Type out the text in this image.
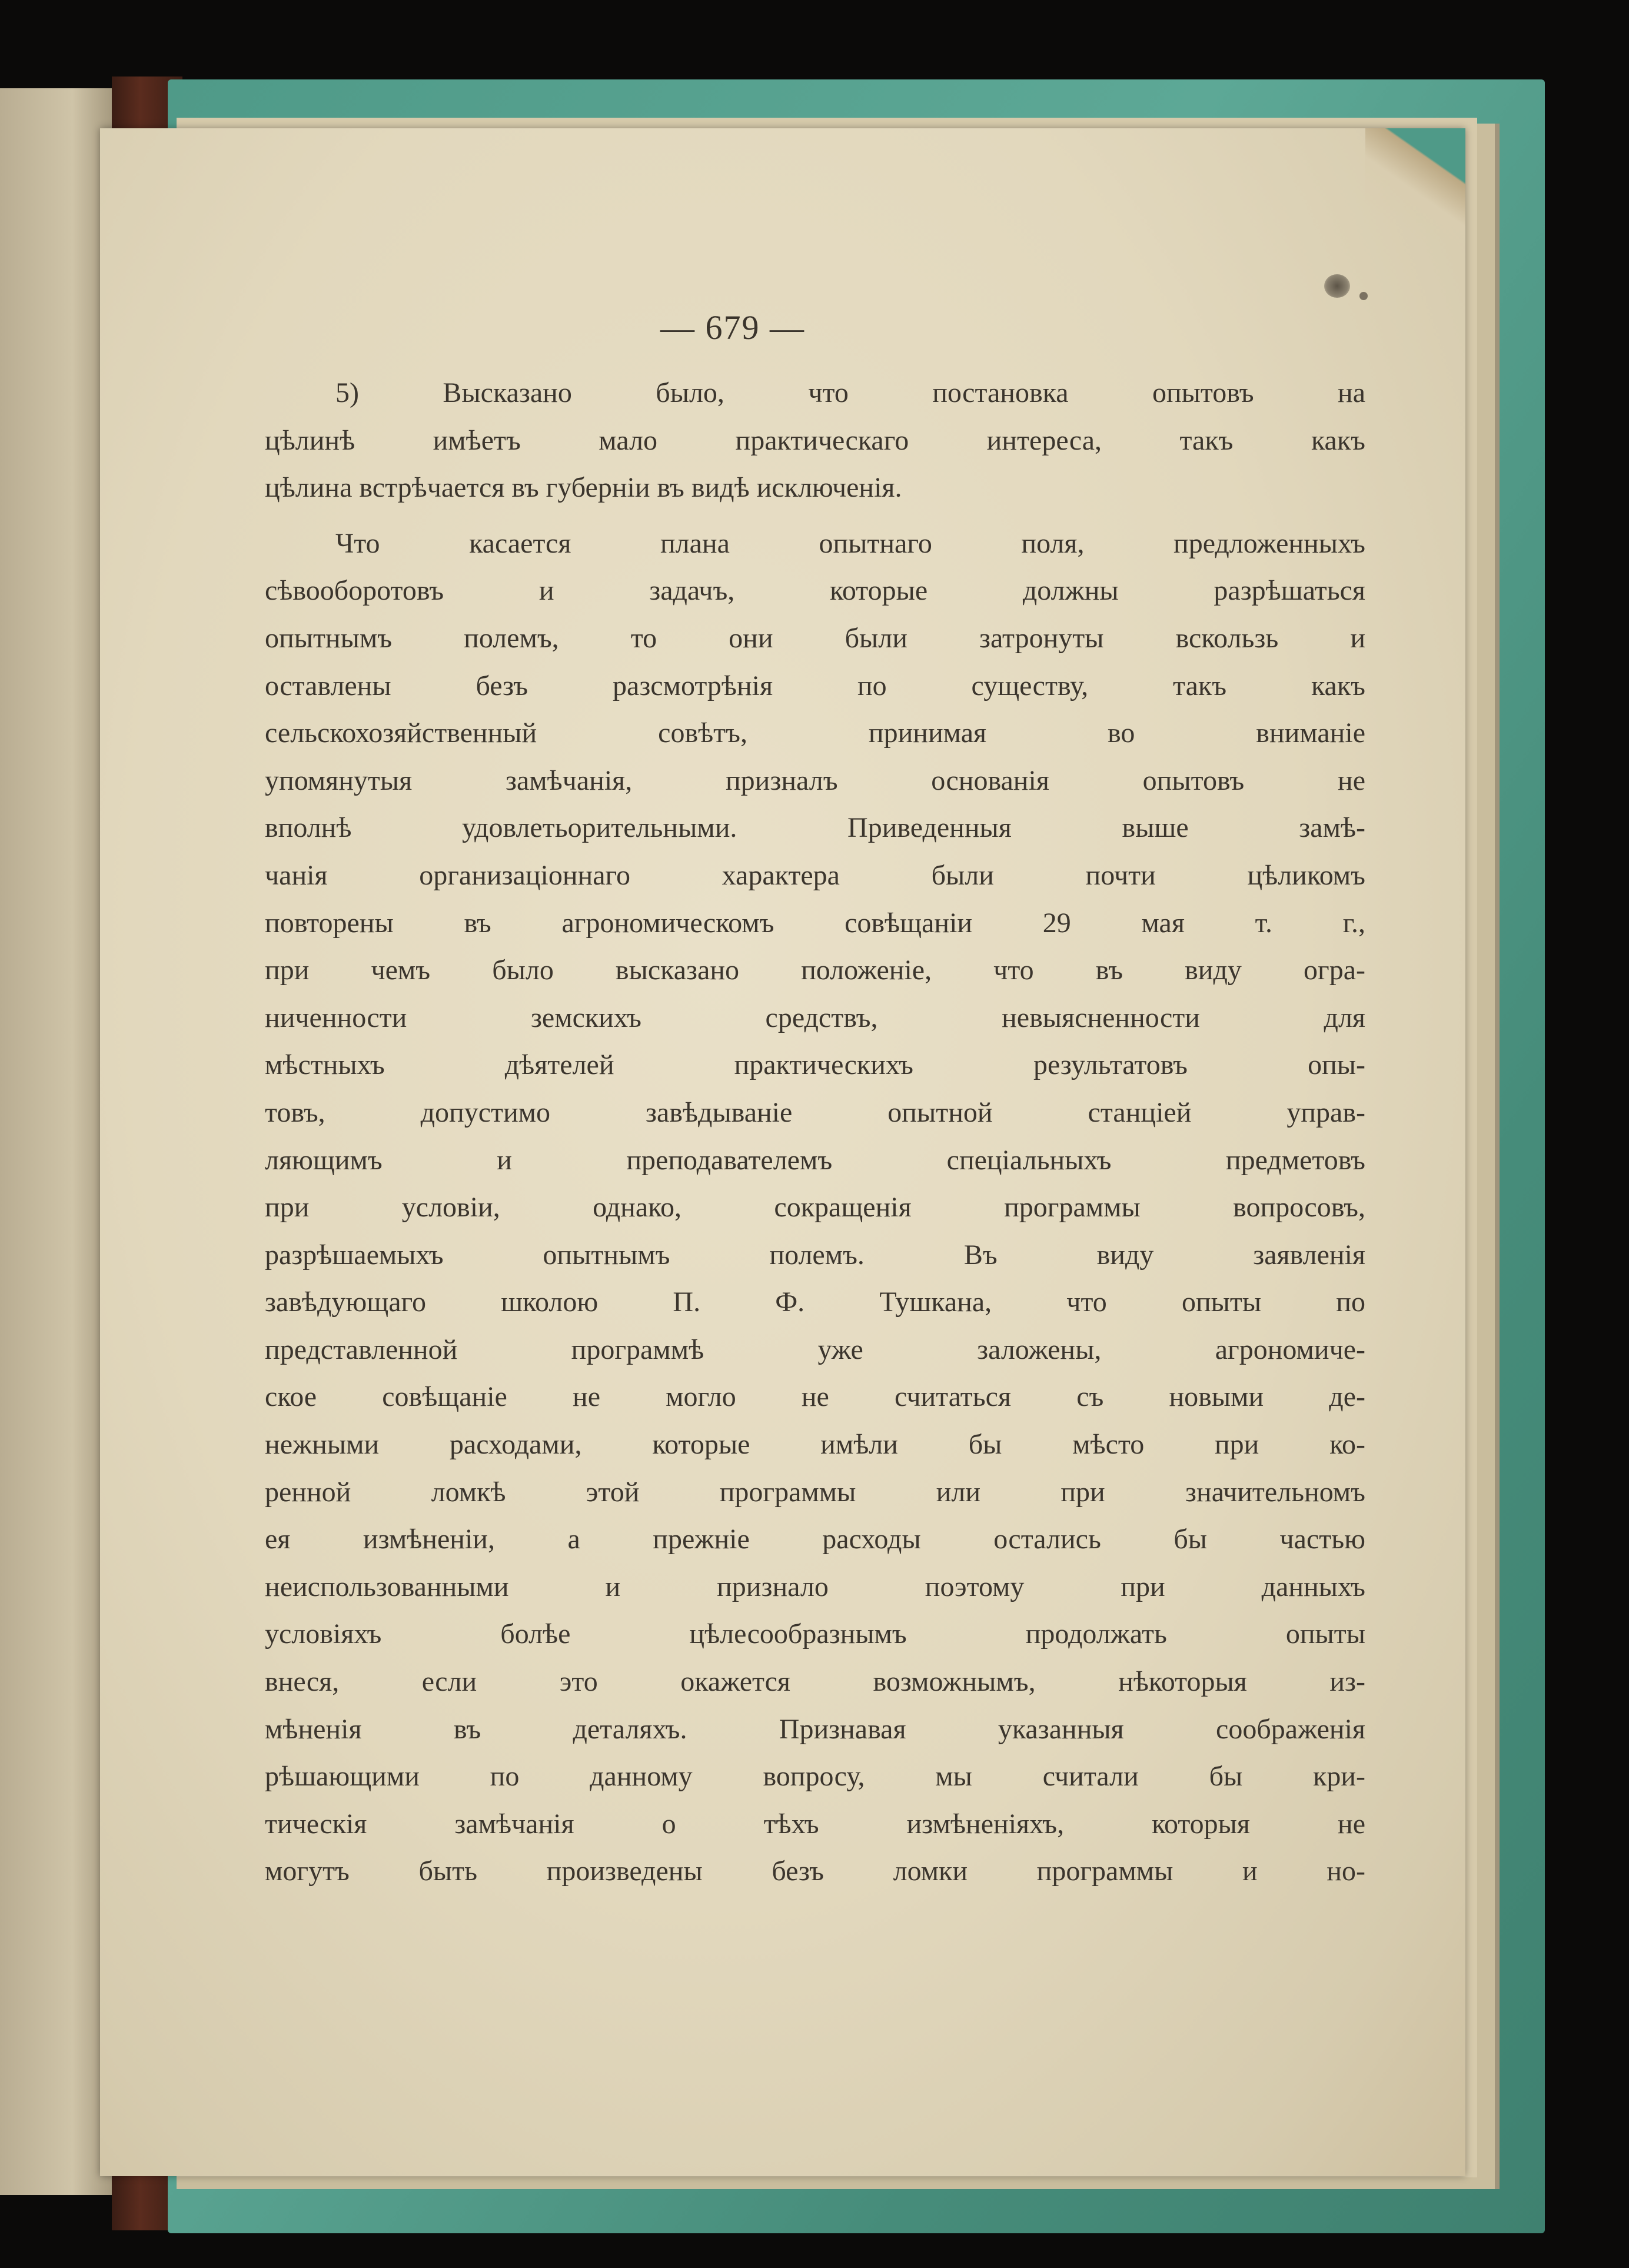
— 679 —
5) Высказано было, что постановка опытовъ на
цѣлинѣ имѣетъ мало практическаго интереса, такъ какъ
цѣлина встрѣчается въ губерніи въ видѣ исключенія.
Что касается плана опытнаго поля, предложенныхъ
сѣвооборотовъ и задачъ, которые должны разрѣшаться
опытнымъ полемъ, то они были затронуты вскользь и
оставлены безъ разсмотрѣнія по существу, такъ какъ
сельскохозяйственный совѣтъ, принимая во вниманіе
упомянутыя замѣчанія, призналъ основанія опытовъ не
вполнѣ удовлетьорительными. Приведенныя выше замѣ-
чанія организаціоннаго характера были почти цѣликомъ
повторены въ агрономическомъ совѣщаніи 29 мая т. г.,
при чемъ было высказано положеніе, что въ виду огра-
ниченности земскихъ средствъ, невыясненности для
мѣстныхъ дѣятелей практическихъ результатовъ опы-
товъ, допустимо завѣдываніе опытной станціей управ-
ляющимъ и преподавателемъ спеціальныхъ предметовъ
при условіи, однако, сокращенія программы вопросовъ,
разрѣшаемыхъ опытнымъ полемъ. Въ виду заявленія
завѣдующаго школою П. Ф. Тушкана, что опыты по
представленной программѣ уже заложены, агрономиче-
ское совѣщаніе не могло не считаться съ новыми де-
нежными расходами, которые имѣли бы мѣсто при ко-
ренной ломкѣ этой программы или при значительномъ
ея измѣненіи, а прежніе расходы остались бы частью
неиспользованными и признало поэтому при данныхъ
условіяхъ болѣе цѣлесообразнымъ продолжать опыты
внеся, если это окажется возможнымъ, нѣкоторыя из-
мѣненія въ деталяхъ. Признавая указанныя соображенія
рѣшающими по данному вопросу, мы считали бы кри-
тическія замѣчанія о тѣхъ измѣненіяхъ, которыя не
могутъ быть произведены безъ ломки программы и но-
